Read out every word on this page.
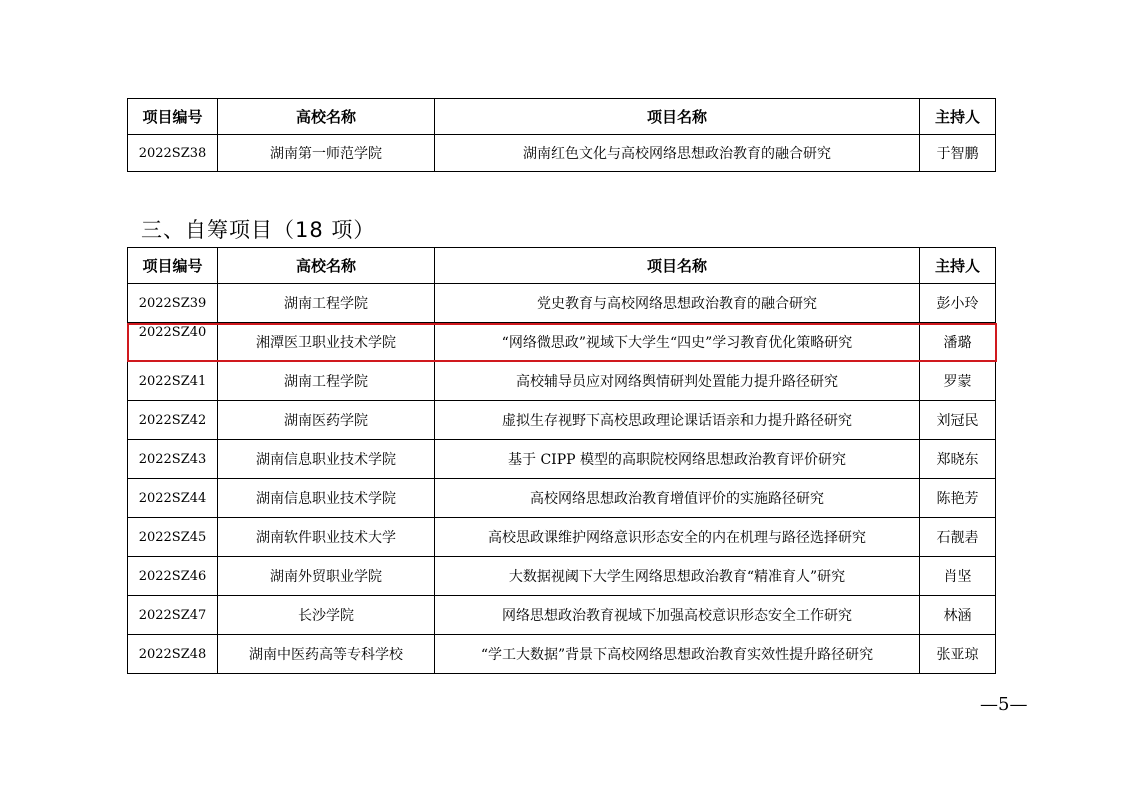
项目编号	高校名称	项目名称	主持人
2022SZ38	湖南第一师范学院	湖南红色文化与高校网络思想政治教育的融合研究	于智鹏
三、自筹项目（18 项）
项目编号	高校名称	项目名称	主持人
2022SZ39	湖南工程学院	党史教育与高校网络思想政治教育的融合研究	彭小玲
2022SZ40	湘潭医卫职业技术学院	“网络微思政”视域下大学生“四史”学习教育优化策略研究	潘璐
2022SZ41	湖南工程学院	高校辅导员应对网络舆情研判处置能力提升路径研究	罗蒙
2022SZ42	湖南医药学院	虚拟生存视野下高校思政理论课话语亲和力提升路径研究	刘冠民
2022SZ43	湖南信息职业技术学院	基于 CIPP 模型的高职院校网络思想政治教育评价研究	郑晓东
2022SZ44	湖南信息职业技术学院	高校网络思想政治教育增值评价的实施路径研究	陈艳芳
2022SZ45	湖南软件职业技术大学	高校思政课维护网络意识形态安全的内在机理与路径选择研究	石靓砉
2022SZ46	湖南外贸职业学院	大数据视阈下大学生网络思想政治教育“精准育人”研究	肖坚
2022SZ47	长沙学院	网络思想政治教育视域下加强高校意识形态安全工作研究	林涵
2022SZ48	湖南中医药高等专科学校	“学工大数据”背景下高校网络思想政治教育实效性提升路径研究	张亚琼
—5—
